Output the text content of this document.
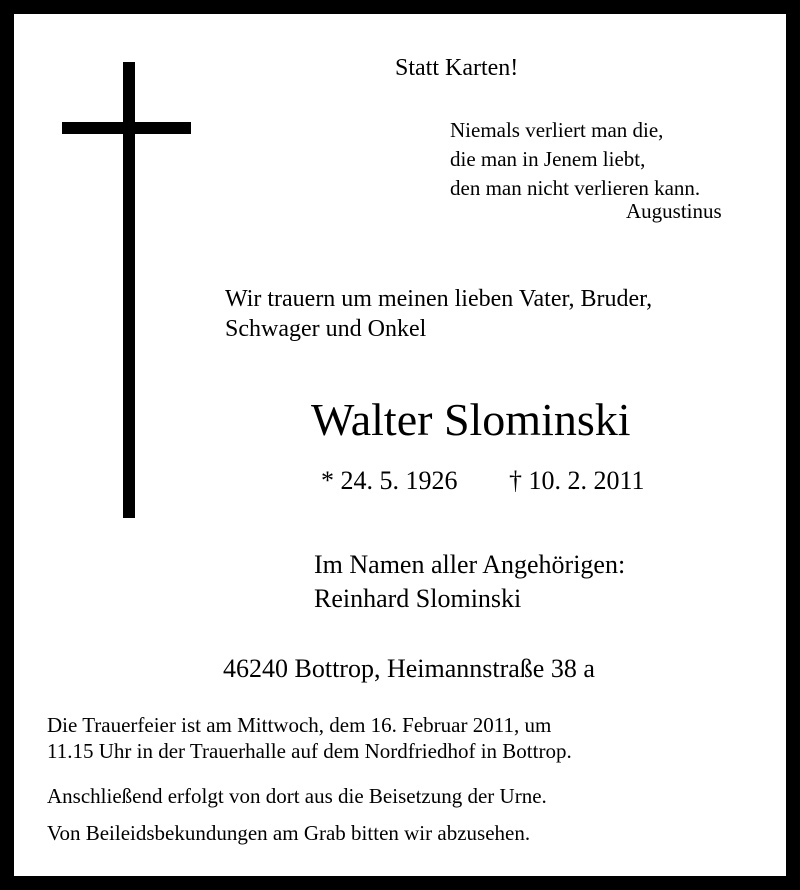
Statt Karten!
Niemals verliert man die,
die man in Jenem liebt,
den man nicht verlieren kann.
Augustinus
Wir trauern um meinen lieben Vater, Bruder,
Schwager und Onkel
Walter Slominski
* 24. 5. 1926 † 10. 2. 2011
Im Namen aller Angehörigen:
Reinhard Slominski
46240 Bottrop, Heimannstraße 38 a
Die Trauerfeier ist am Mittwoch, dem 16. Februar 2011, um
11.15 Uhr in der Trauerhalle auf dem Nordfriedhof in Bottrop.
Anschließend erfolgt von dort aus die Beisetzung der Urne.
Von Beileidsbekundungen am Grab bitten wir abzusehen.
